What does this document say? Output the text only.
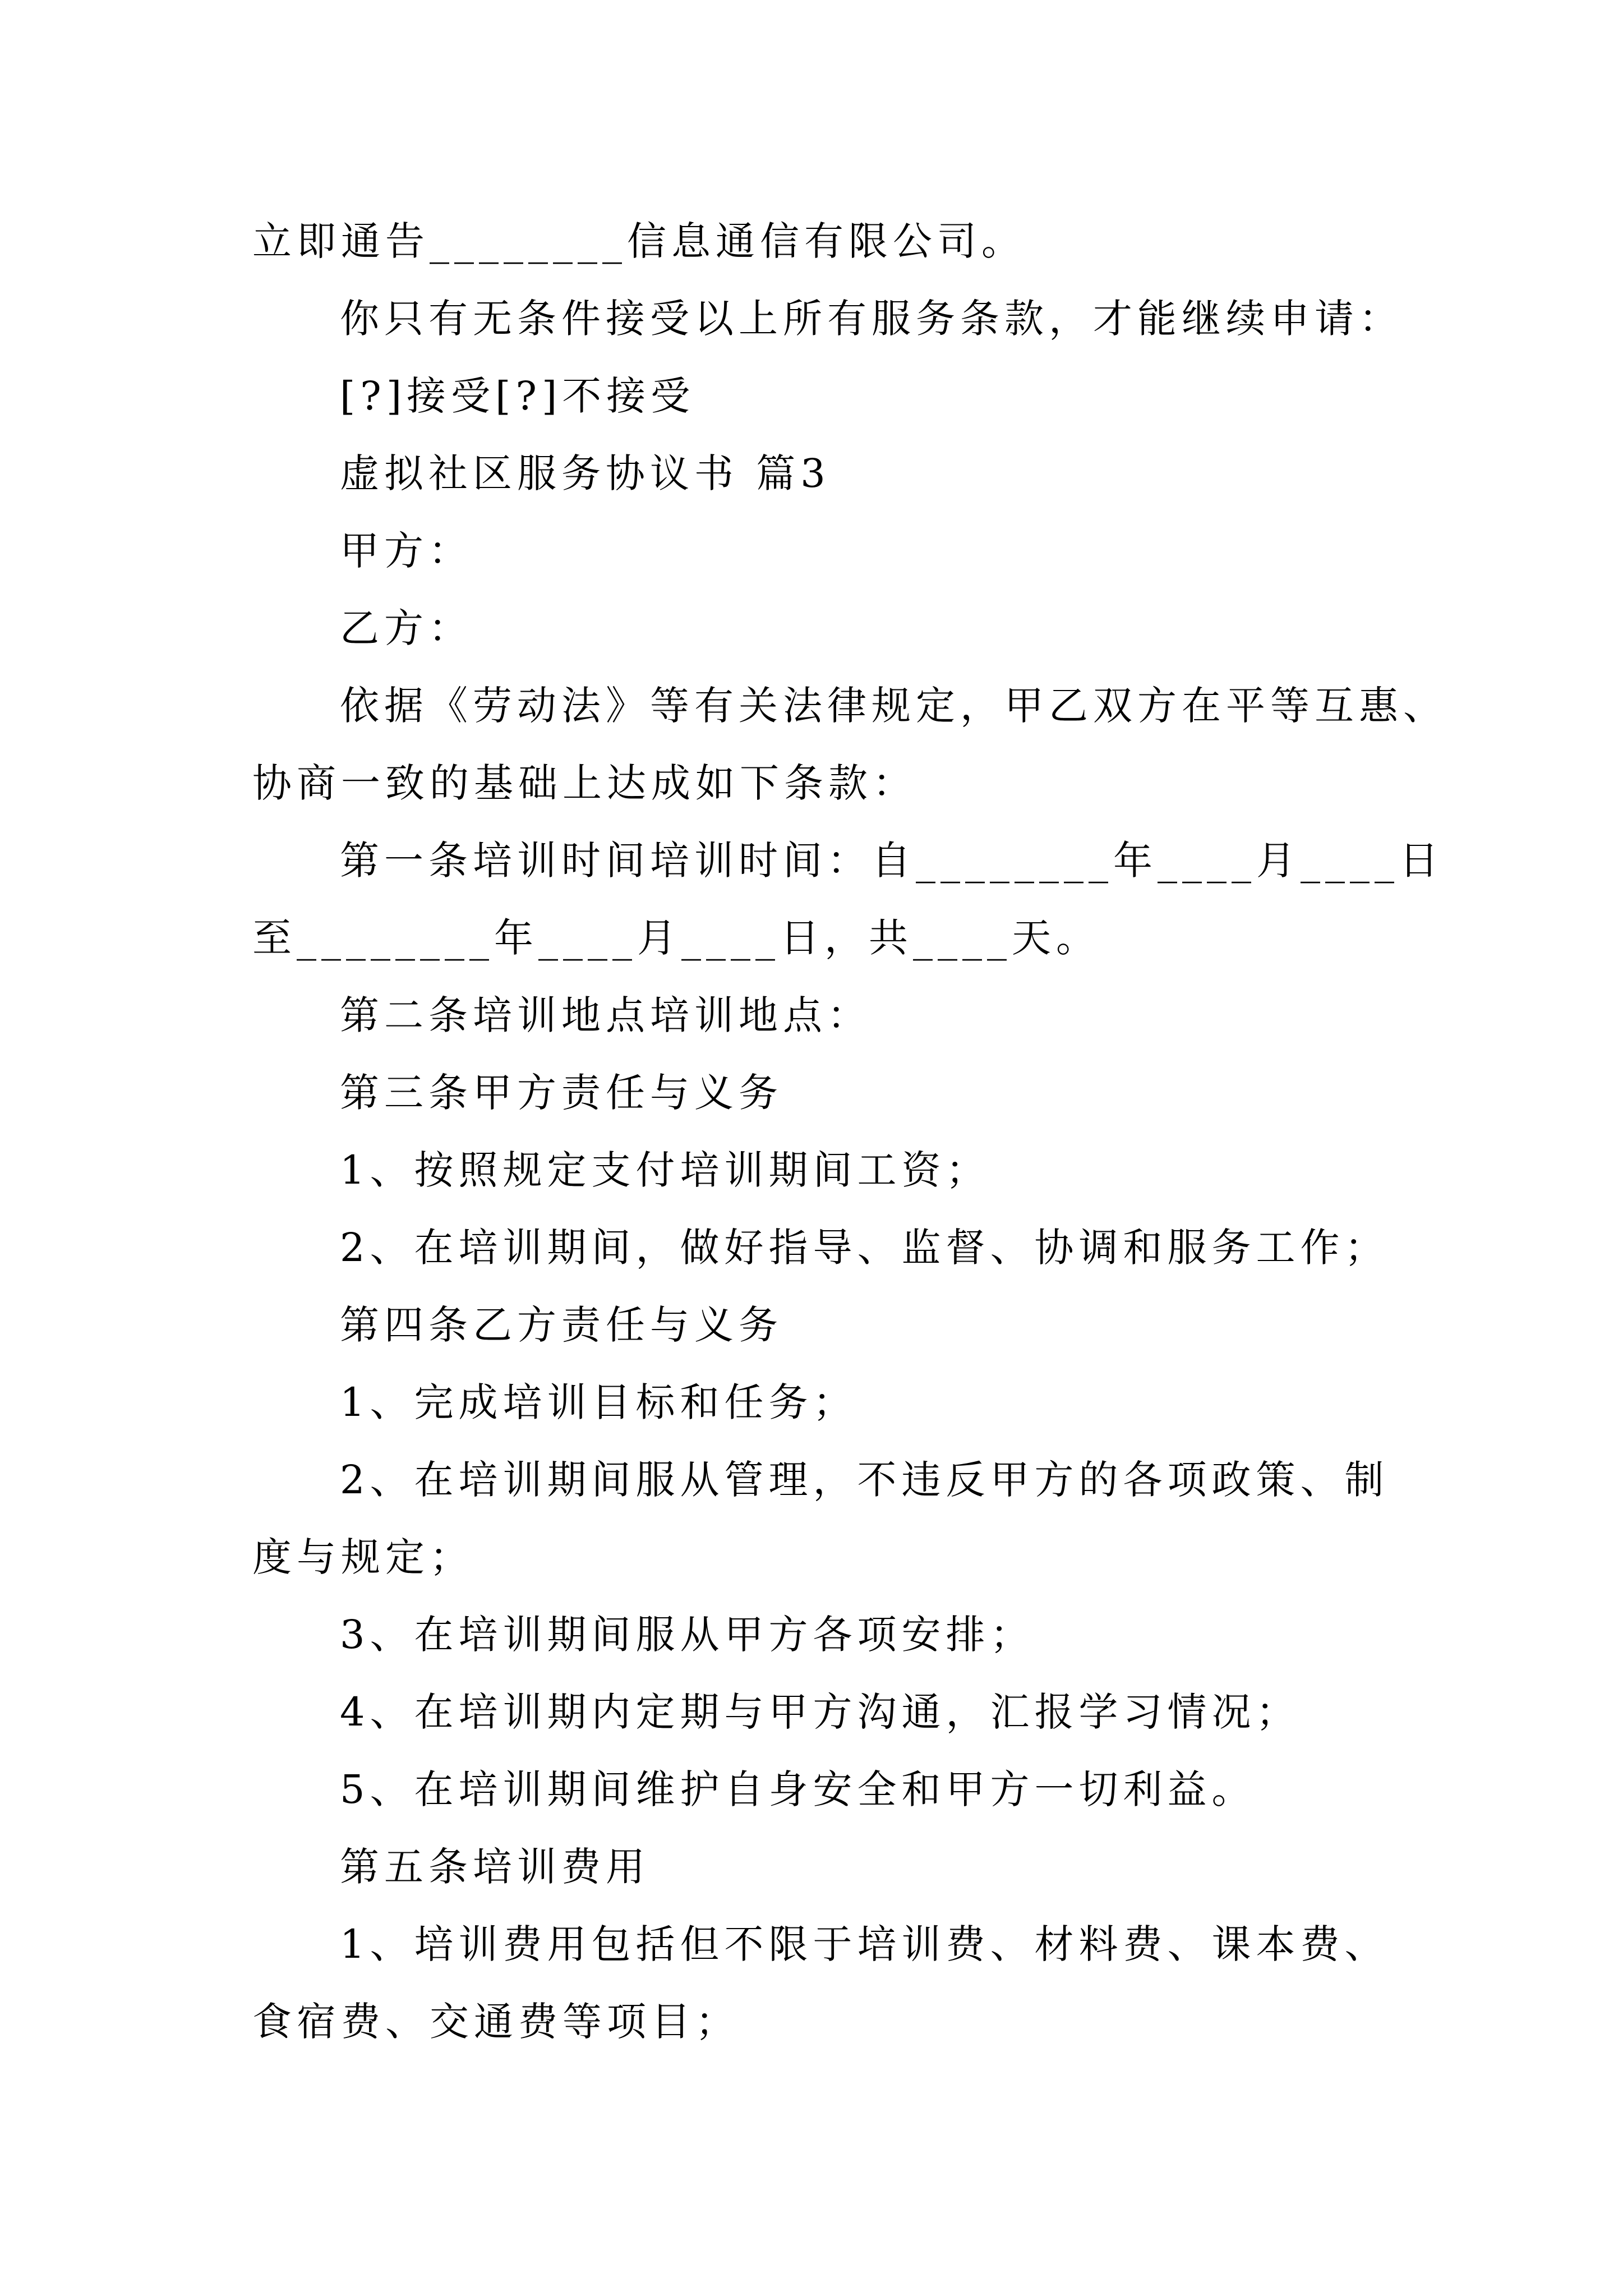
立即通告________信息通信有限公司。
你只有无条件接受以上所有服务条款，才能继续申请：
[?]接受[?]不接受
虚拟社区服务协议书 篇3
甲方：
乙方：
依据《劳动法》等有关法律规定，甲乙双方在平等互惠、
协商一致的基础上达成如下条款：
第一条培训时间培训时间：自________年____月____日
至________年____月____日，共____天。
第二条培训地点培训地点：
第三条甲方责任与义务
1、按照规定支付培训期间工资；
2、在培训期间，做好指导、监督、协调和服务工作；
第四条乙方责任与义务
1、完成培训目标和任务；
2、在培训期间服从管理，不违反甲方的各项政策、制
度与规定；
3、在培训期间服从甲方各项安排；
4、在培训期内定期与甲方沟通，汇报学习情况；
5、在培训期间维护自身安全和甲方一切利益。
第五条培训费用
1、培训费用包括但不限于培训费、材料费、课本费、
食宿费、交通费等项目；
